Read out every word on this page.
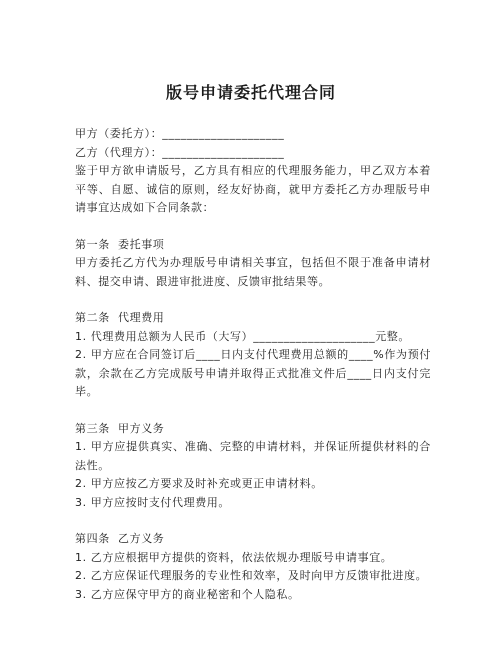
版号申请委托代理合同
甲方（委托方）：____________________
乙方（代理方）：____________________
鉴于甲方欲申请版号，乙方具有相应的代理服务能力，甲乙双方本着平等、自愿、诚信的原则，经友好协商，就甲方委托乙方办理版号申请事宜达成如下合同条款：
第一条  委托事项
甲方委托乙方代为办理版号申请相关事宜，包括但不限于准备申请材料、提交申请、跟进审批进度、反馈审批结果等。
第二条  代理费用
1. 代理费用总额为人民币（大写）____________________元整。
2. 甲方应在合同签订后____日内支付代理费用总额的____%作为预付款，余款在乙方完成版号申请并取得正式批准文件后____日内支付完毕。
第三条  甲方义务
1. 甲方应提供真实、准确、完整的申请材料，并保证所提供材料的合法性。
2. 甲方应按乙方要求及时补充或更正申请材料。
3. 甲方应按时支付代理费用。
第四条  乙方义务
1. 乙方应根据甲方提供的资料，依法依规办理版号申请事宜。
2. 乙方应保证代理服务的专业性和效率，及时向甲方反馈审批进度。
3. 乙方应保守甲方的商业秘密和个人隐私。
